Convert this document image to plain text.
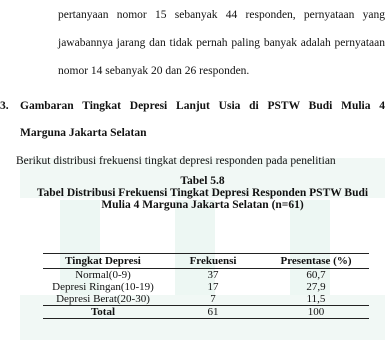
pertanyaan nomor 15 sebanyak 44 responden, pernyataan yang
jawabannya jarang dan tidak pernah paling banyak adalah pernyataan
nomor 14 sebanyak 20 dan 26 responden.
3. Gambaran Tingkat Depresi Lanjut Usia di PSTW Budi Mulia 4
Marguna Jakarta Selatan
Berikut distribusi frekuensi tingkat depresi responden pada penelitian
Tabel 5.8
Tabel Distribusi Frekuensi Tingkat Depresi Responden PSTW Budi
Mulia 4 Marguna Jakarta Selatan (n=61)
Tingkat Depresi	Frekuensi	Presentase (%)
Normal(0-9)	37	60,7
Depresi Ringan(10-19)	17	27,9
Depresi Berat(20-30)	7	11,5
Total	61	100
